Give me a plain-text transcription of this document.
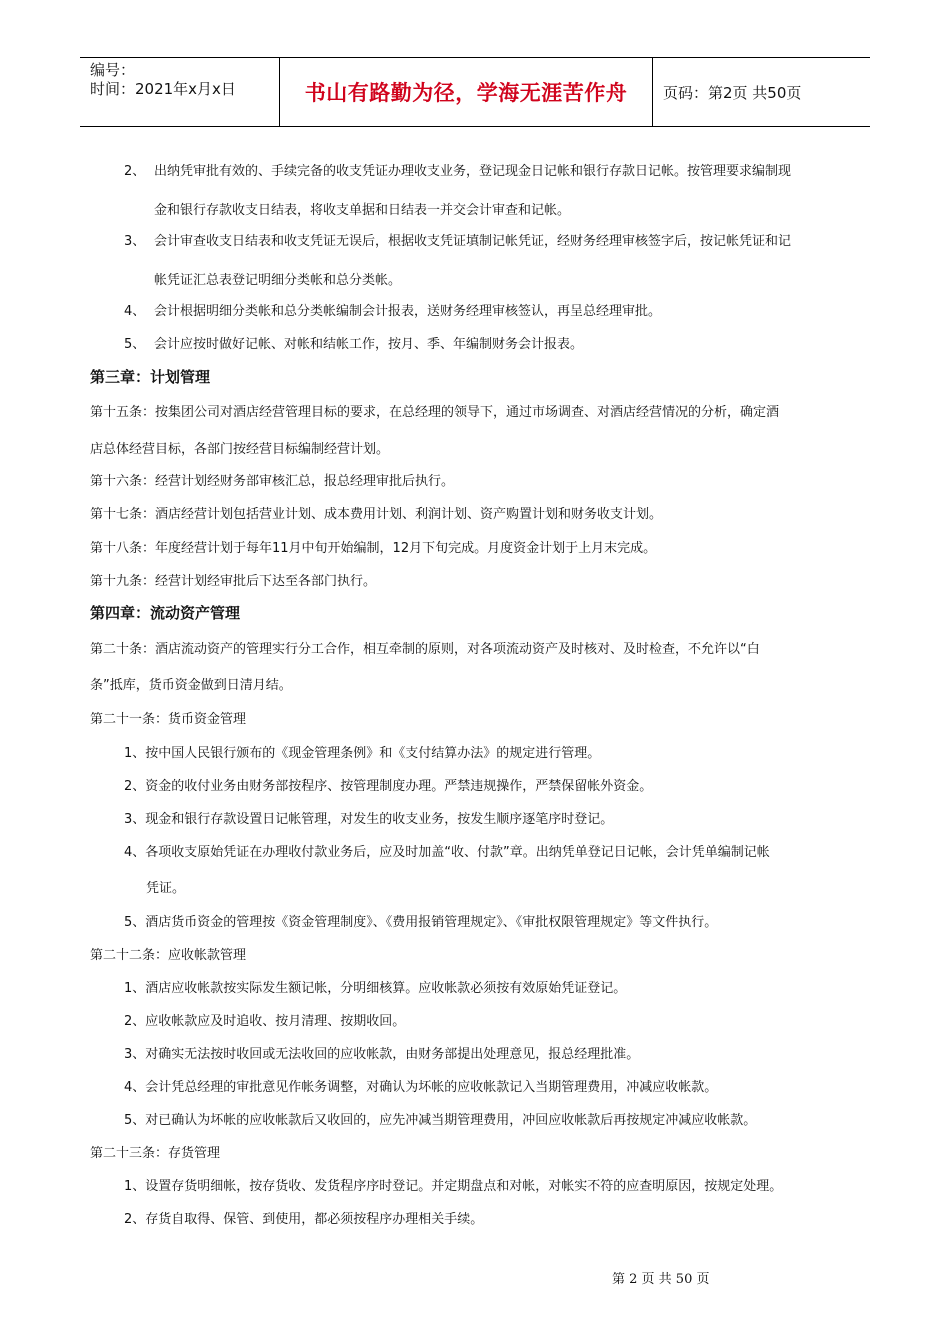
编号：
时间：2021年x月x日	书山有路勤为径，学海无涯苦作舟	页码：第2页 共50页
2、 出纳凭审批有效的、手续完备的收支凭证办理收支业务，登记现金日记帐和银行存款日记帐。按管理要求编制现
金和银行存款收支日结表，将收支单据和日结表一并交会计审查和记帐。
3、 会计审查收支日结表和收支凭证无误后，根据收支凭证填制记帐凭证，经财务经理审核签字后，按记帐凭证和记
帐凭证汇总表登记明细分类帐和总分类帐。
4、 会计根据明细分类帐和总分类帐编制会计报表，送财务经理审核签认，再呈总经理审批。
5、 会计应按时做好记帐、对帐和结帐工作，按月、季、年编制财务会计报表。
第三章：计划管理
第十五条：按集团公司对酒店经营管理目标的要求，在总经理的领导下，通过市场调查、对酒店经营情况的分析，确定酒
店总体经营目标，各部门按经营目标编制经营计划。
第十六条：经营计划经财务部审核汇总，报总经理审批后执行。
第十七条：酒店经营计划包括营业计划、成本费用计划、利润计划、资产购置计划和财务收支计划。
第十八条：年度经营计划于每年11月中旬开始编制，12月下旬完成。月度资金计划于上月末完成。
第十九条：经营计划经审批后下达至各部门执行。
第四章：流动资产管理
第二十条：酒店流动资产的管理实行分工合作，相互牵制的原则，对各项流动资产及时核对、及时检查，不允许以“白
条”抵库，货币资金做到日清月结。
第二十一条：货币资金管理
1、按中国人民银行颁布的《现金管理条例》和《支付结算办法》的规定进行管理。
2、资金的收付业务由财务部按程序、按管理制度办理。严禁违规操作，严禁保留帐外资金。
3、现金和银行存款设置日记帐管理，对发生的收支业务，按发生顺序逐笔序时登记。
4、各项收支原始凭证在办理收付款业务后，应及时加盖“收、付款”章。出纳凭单登记日记帐，会计凭单编制记帐
凭证。
5、酒店货币资金的管理按《资金管理制度》、《费用报销管理规定》、《审批权限管理规定》等文件执行。
第二十二条：应收帐款管理
1、酒店应收帐款按实际发生额记帐，分明细核算。应收帐款必须按有效原始凭证登记。
2、应收帐款应及时追收、按月清理、按期收回。
3、对确实无法按时收回或无法收回的应收帐款，由财务部提出处理意见，报总经理批准。
4、会计凭总经理的审批意见作帐务调整，对确认为坏帐的应收帐款记入当期管理费用，冲减应收帐款。
5、对已确认为坏帐的应收帐款后又收回的，应先冲减当期管理费用，冲回应收帐款后再按规定冲减应收帐款。
第二十三条：存货管理
1、设置存货明细帐，按存货收、发货程序序时登记。并定期盘点和对帐，对帐实不符的应查明原因，按规定处理。
2、存货自取得、保管、到使用，都必须按程序办理相关手续。
第 2 页 共 50 页
